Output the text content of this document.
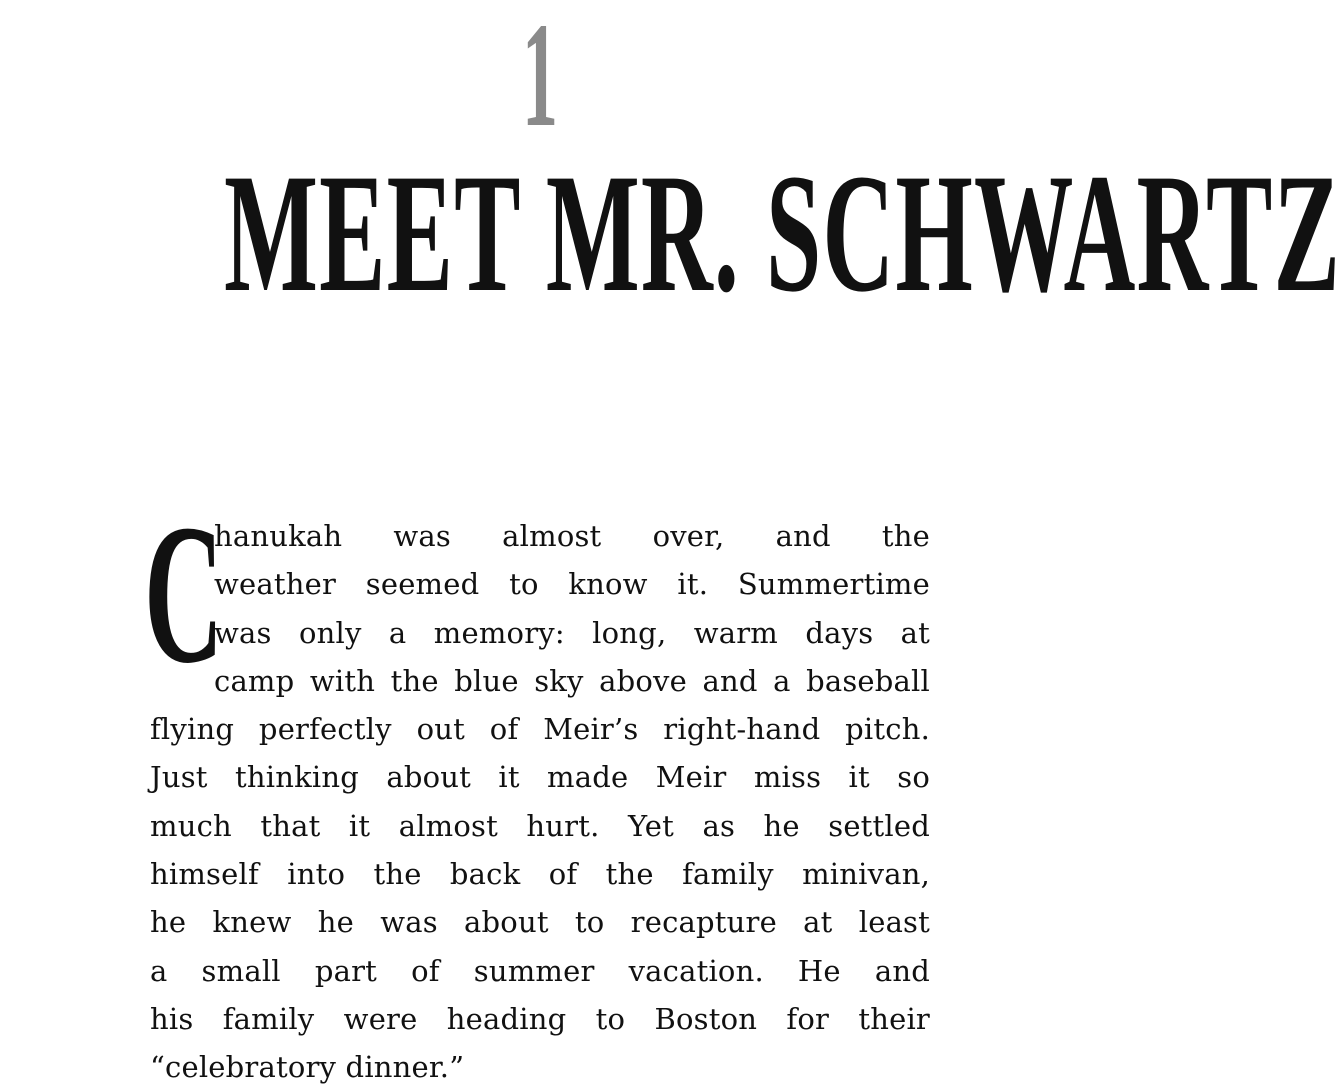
1
MEET MR. SCHWARTZ
C
hanukah was almost over, and the
weather seemed to know it. Summertime
was only a memory: long, warm days at
camp with the blue sky above and a baseball
flying perfectly out of Meir’s right-hand pitch.
Just thinking about it made Meir miss it so
much that it almost hurt. Yet as he settled
himself into the back of the family minivan,
he knew he was about to recapture at least
a small part of summer vacation. He and
his family were heading to Boston for their
“celebratory dinner.”
